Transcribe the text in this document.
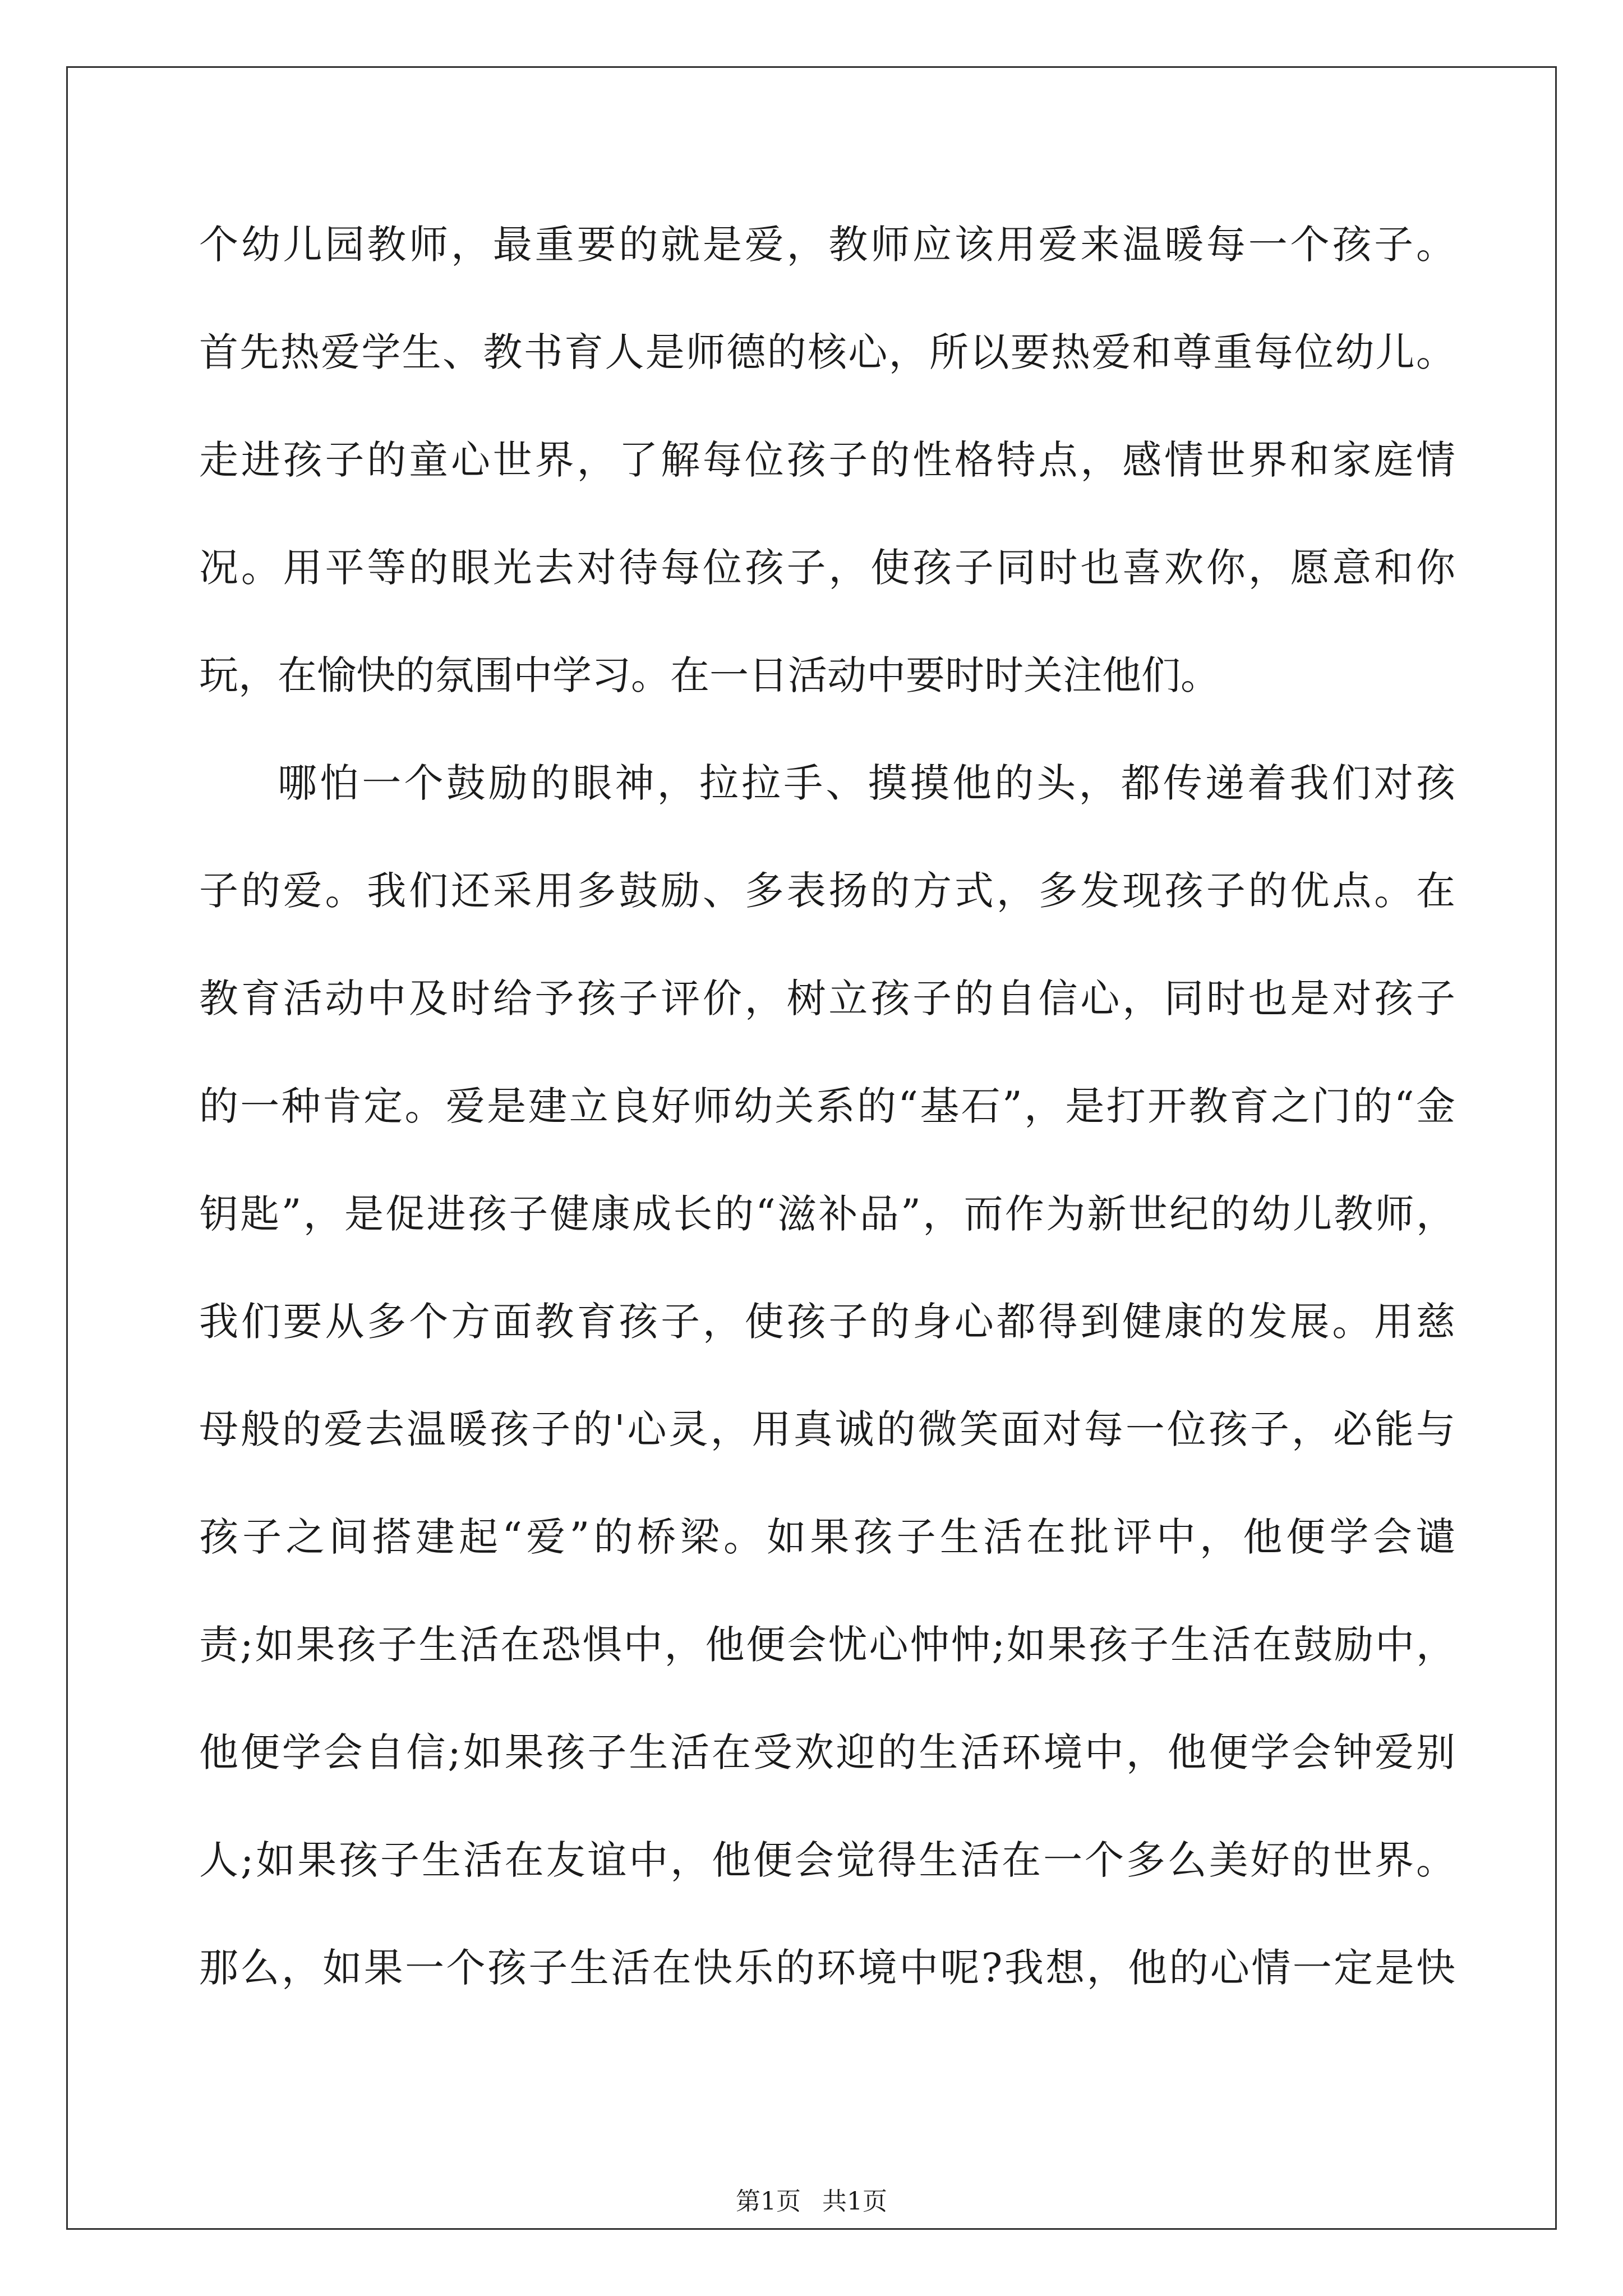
个幼儿园教师，最重要的就是爱，教师应该用爱来温暖每一个孩子。
首先热爱学生、教书育人是师德的核心，所以要热爱和尊重每位幼儿。
走进孩子的童心世界，了解每位孩子的性格特点，感情世界和家庭情
况。用平等的眼光去对待每位孩子，使孩子同时也喜欢你，愿意和你
玩，在愉快的氛围中学习。在一日活动中要时时关注他们。
哪怕一个鼓励的眼神，拉拉手、摸摸他的头，都传递着我们对孩
子的爱。我们还采用多鼓励、多表扬的方式，多发现孩子的优点。在
教育活动中及时给予孩子评价，树立孩子的自信心，同时也是对孩子
的一种肯定。爱是建立良好师幼关系的“基石”，是打开教育之门的“金
钥匙”，是促进孩子健康成长的“滋补品”，而作为新世纪的幼儿教师，
我们要从多个方面教育孩子，使孩子的身心都得到健康的发展。用慈
母般的爱去温暖孩子的'心灵，用真诚的微笑面对每一位孩子，必能与
孩子之间搭建起“爱”的桥梁。如果孩子生活在批评中，他便学会谴
责;如果孩子生活在恐惧中，他便会忧心忡忡;如果孩子生活在鼓励中，
他便学会自信;如果孩子生活在受欢迎的生活环境中，他便学会钟爱别
人;如果孩子生活在友谊中，他便会觉得生活在一个多么美好的世界。
那么，如果一个孩子生活在快乐的环境中呢?我想，他的心情一定是快
第1页 共1页
